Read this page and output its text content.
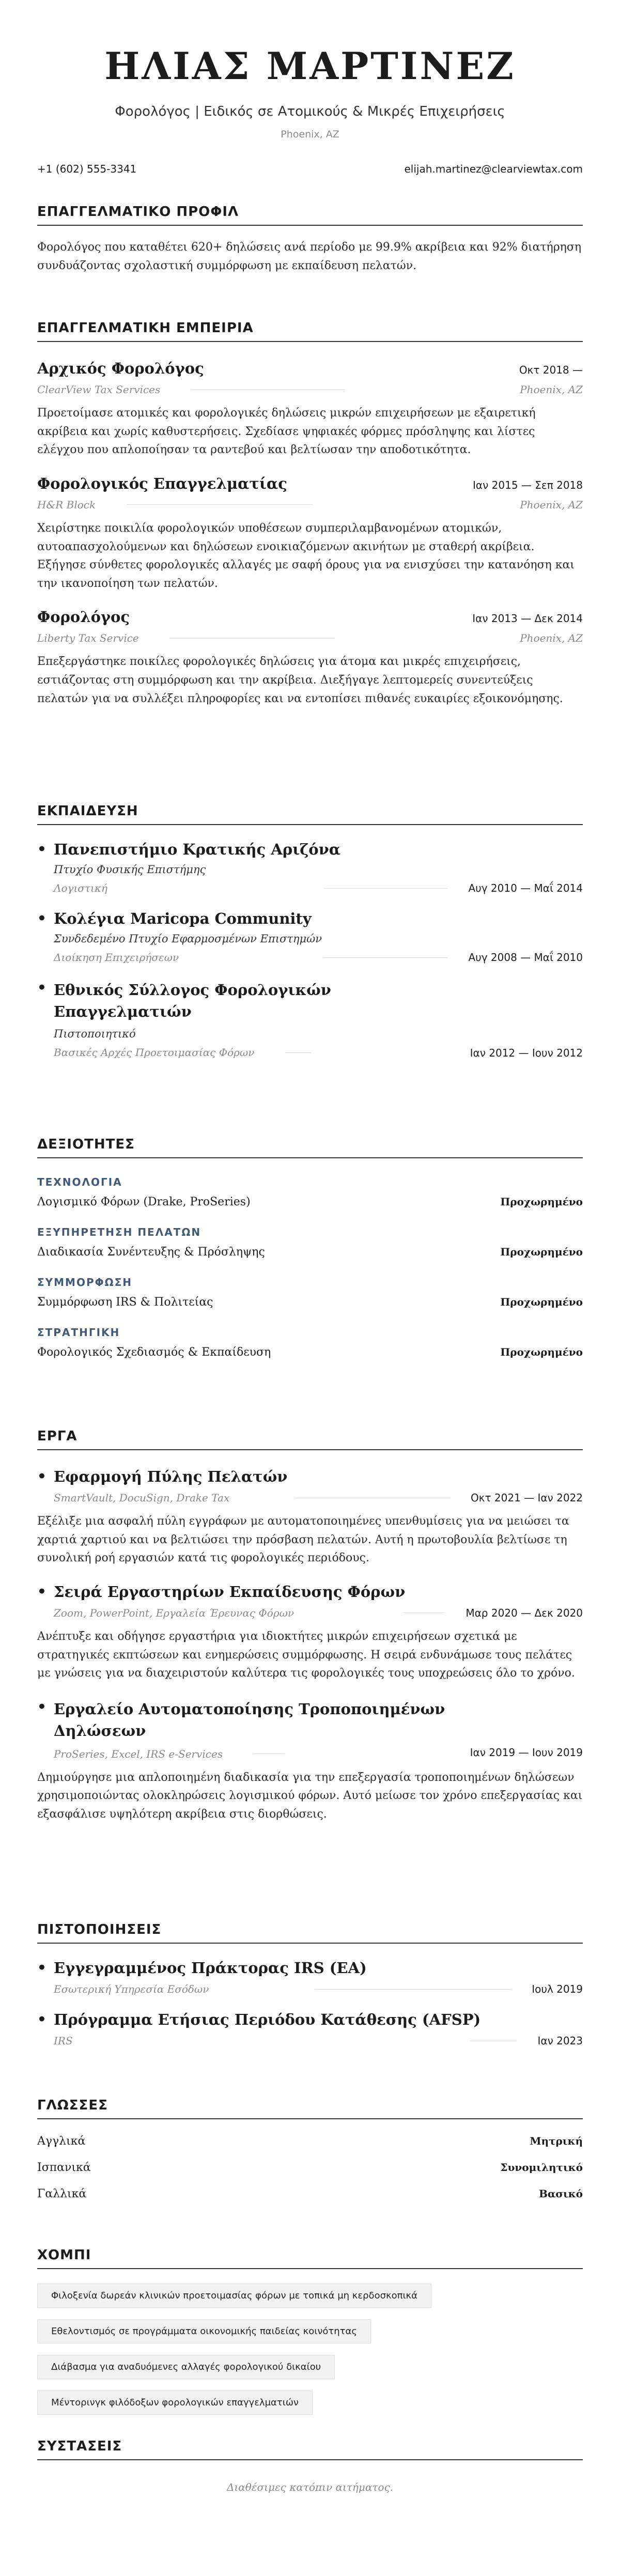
ΗΛΙΑΣ ΜΑΡΤΙΝΕΖ
Φορολόγος | Ειδικός σε Ατομικούς & Μικρές Επιχειρήσεις
Phoenix, AZ
+1 (602) 555-3341	elijah.martinez@clearviewtax.com
ΕΠΑΓΓΕΛΜΑΤΙΚΟ ΠΡΟΦΙΛ
Φορολόγος που καταθέτει 620+ δηλώσεις ανά περίοδο με 99.9% ακρίβεια και 92% διατήρηση συνδυάζοντας σχολαστική συμμόρφωση με εκπαίδευση πελατών.
ΕΠΑΓΓΕΛΜΑΤΙΚΗ ΕΜΠΕΙΡΙΑ
Αρχικός Φορολόγος	Οκτ 2018 —
ClearView Tax Services	Phoenix, AZ
Προετοίμασε ατομικές και φορολογικές δηλώσεις μικρών επιχειρήσεων με εξαιρετική ακρίβεια και χωρίς καθυστερήσεις. Σχεδίασε ψηφιακές φόρμες πρόσληψης και λίστες ελέγχου που απλοποίησαν τα ραντεβού και βελτίωσαν την αποδοτικότητα.
Φορολογικός Επαγγελματίας	Ιαν 2015 — Σεπ 2018
H&R Block	Phoenix, AZ
Χειρίστηκε ποικιλία φορολογικών υποθέσεων συμπεριλαμβανομένων ατομικών, αυτοαπασχολούμενων και δηλώσεων ενοικιαζόμενων ακινήτων με σταθερή ακρίβεια. Εξήγησε σύνθετες φορολογικές αλλαγές με σαφή όρους για να ενισχύσει την κατανόηση και την ικανοποίηση των πελατών.
Φορολόγος	Ιαν 2013 — Δεκ 2014
Liberty Tax Service	Phoenix, AZ
Επεξεργάστηκε ποικίλες φορολογικές δηλώσεις για άτομα και μικρές επιχειρήσεις, εστιάζοντας στη συμμόρφωση και την ακρίβεια. Διεξήγαγε λεπτομερείς συνεντεύξεις πελατών για να συλλέξει πληροφορίες και να εντοπίσει πιθανές ευκαιρίες εξοικονόμησης.
ΕΚΠΑΙΔΕΥΣΗ
• Πανεπιστήμιο Κρατικής Αριζόνα
Πτυχίο Φυσικής Επιστήμης
Λογιστική	Αυγ 2010 — Μαΐ 2014
• Κολέγια Maricopa Community
Συνδεδεμένο Πτυχίο Εφαρμοσμένων Επιστημών
Διοίκηση Επιχειρήσεων	Αυγ 2008 — Μαΐ 2010
• Εθνικός Σύλλογος Φορολογικών Επαγγελματιών
Πιστοποιητικό
Βασικές Αρχές Προετοιμασίας Φόρων	Ιαν 2012 — Ιουν 2012
ΔΕΞΙΟΤΗΤΕΣ
ΤΕΧΝΟΛΟΓΙΑ
Λογισμικό Φόρων (Drake, ProSeries)	Προχωρημένο
ΕΞΥΠΗΡΕΤΗΣΗ ΠΕΛΑΤΩΝ
Διαδικασία Συνέντευξης & Πρόσληψης	Προχωρημένο
ΣΥΜΜΟΡΦΩΣΗ
Συμμόρφωση IRS & Πολιτείας	Προχωρημένο
ΣΤΡΑΤΗΓΙΚΗ
Φορολογικός Σχεδιασμός & Εκπαίδευση	Προχωρημένο
ΕΡΓΑ
• Εφαρμογή Πύλης Πελατών
SmartVault, DocuSign, Drake Tax	Οκτ 2021 — Ιαν 2022
Εξέλιξε μια ασφαλή πύλη εγγράφων με αυτοματοποιημένες υπενθυμίσεις για να μειώσει τα χαρτιά χαρτιού και να βελτιώσει την πρόσβαση πελατών. Αυτή η πρωτοβουλία βελτίωσε τη συνολική ροή εργασιών κατά τις φορολογικές περιόδους.
• Σειρά Εργαστηρίων Εκπαίδευσης Φόρων
Zoom, PowerPoint, Εργαλεία Έρευνας Φόρων	Μαρ 2020 — Δεκ 2020
Ανέπτυξε και οδήγησε εργαστήρια για ιδιοκτήτες μικρών επιχειρήσεων σχετικά με στρατηγικές εκπτώσεων και ενημερώσεις συμμόρφωσης. Η σειρά ενδυνάμωσε τους πελάτες με γνώσεις για να διαχειριστούν καλύτερα τις φορολογικές τους υποχρεώσεις όλο το χρόνο.
• Εργαλείο Αυτοματοποίησης Τροποποιημένων Δηλώσεων
ProSeries, Excel, IRS e-Services	Ιαν 2019 — Ιουν 2019
Δημιούργησε μια απλοποιημένη διαδικασία για την επεξεργασία τροποποιημένων δηλώσεων χρησιμοποιώντας ολοκληρώσεις λογισμικού φόρων. Αυτό μείωσε τον χρόνο επεξεργασίας και εξασφάλισε υψηλότερη ακρίβεια στις διορθώσεις.
ΠΙΣΤΟΠΟΙΗΣΕΙΣ
• Εγγεγραμμένος Πράκτορας IRS (EA)
Εσωτερική Υπηρεσία Εσόδων	Ιουλ 2019
• Πρόγραμμα Ετήσιας Περιόδου Κατάθεσης (AFSP)
IRS	Ιαν 2023
ΓΛΩΣΣΕΣ
Αγγλικά	Μητρική
Ισπανικά	Συνομιλητικό
Γαλλικά	Βασικό
ΧΟΜΠΙ
Φιλοξενία δωρεάν κλινικών προετοιμασίας φόρων με τοπικά μη κερδοσκοπικά
Εθελοντισμός σε προγράμματα οικονομικής παιδείας κοινότητας
Διάβασμα για αναδυόμενες αλλαγές φορολογικού δικαίου
Μέντορινγκ φιλόδοξων φορολογικών επαγγελματιών
ΣΥΣΤΑΣΕΙΣ
Διαθέσιμες κατόπιν αιτήματος.
